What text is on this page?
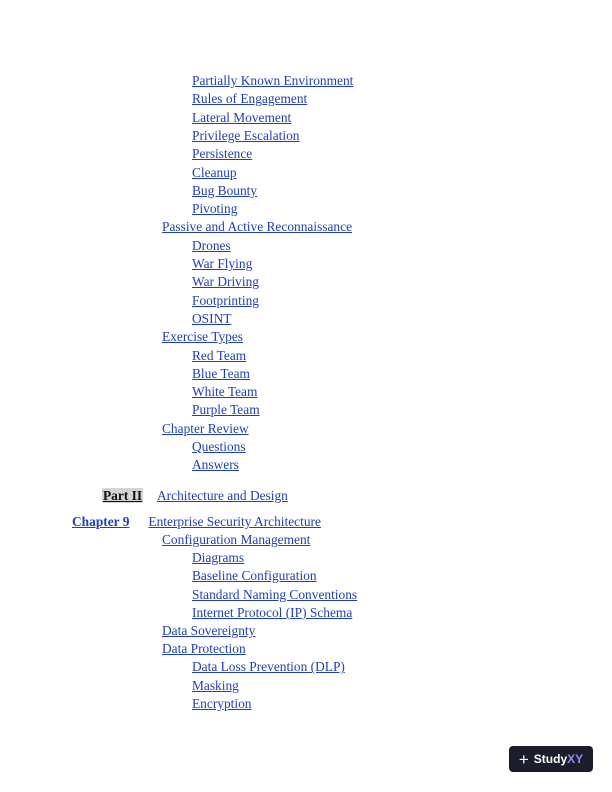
Partially Known Environment
Rules of Engagement
Lateral Movement
Privilege Escalation
Persistence
Cleanup
Bug Bounty
Pivoting
Passive and Active Reconnaissance
Drones
War Flying
War Driving
Footprinting
OSINT
Exercise Types
Red Team
Blue Team
White Team
Purple Team
Chapter Review
Questions
Answers
Part II Architecture and Design
Chapter 9 Enterprise Security Architecture
Configuration Management
Diagrams
Baseline Configuration
Standard Naming Conventions
Internet Protocol (IP) Schema
Data Sovereignty
Data Protection
Data Loss Prevention (DLP)
Masking
Encryption
+ Study XY
